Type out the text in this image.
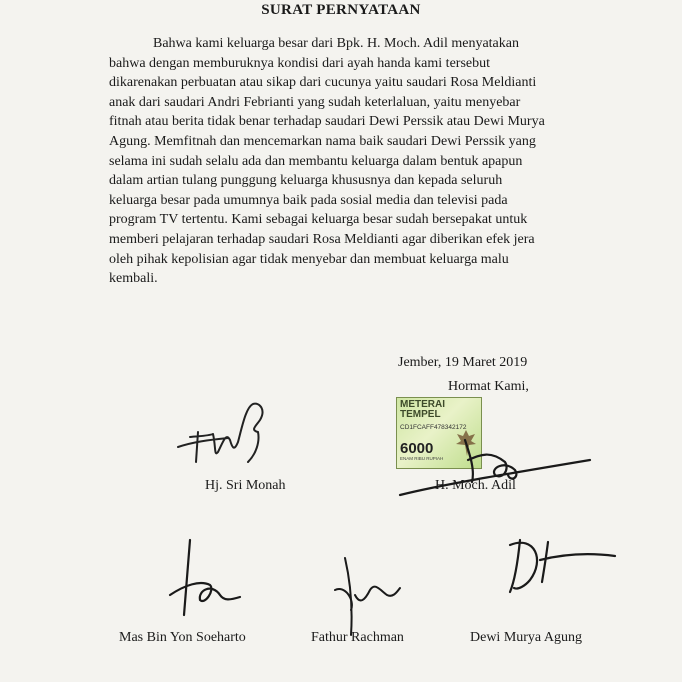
SURAT PERNYATAAN

Bahwa kami keluarga besar dari Bpk. H. Moch. Adil menyatakan bahwa dengan memburuknya kondisi dari ayah handa kami tersebut dikarenakan perbuatan atau sikap dari cucunya yaitu saudari Rosa Meldianti anak dari saudari Andri Febrianti yang sudah keterlaluan, yaitu menyebar fitnah atau berita tidak benar terhadap saudari Dewi Perssik atau Dewi Murya Agung. Memfitnah dan mencemarkan nama baik saudari Dewi Perssik yang selama ini sudah selalu ada dan membantu keluarga dalam bentuk apapun dalam artian tulang punggung keluarga khususnya dan kepada seluruh keluarga besar pada umumnya baik pada sosial media dan televisi pada program TV tertentu. Kami sebagai keluarga besar sudah bersepakat untuk memberi pelajaran terhadap saudari Rosa Meldianti agar diberikan efek jera oleh pihak kepolisian agar tidak menyebar dan membuat keluarga malu kembali.

Jember, 19 Maret 2019
Hormat Kami,
Hj. Sri Monah
METERAI
TEMPEL
CD1FCAFF478342172
6000
ENAM RIBU RUPIAH
H. Moch. Adil
Mas Bin Yon Soeharto	Fathur Rachman	Dewi Murya Agung
